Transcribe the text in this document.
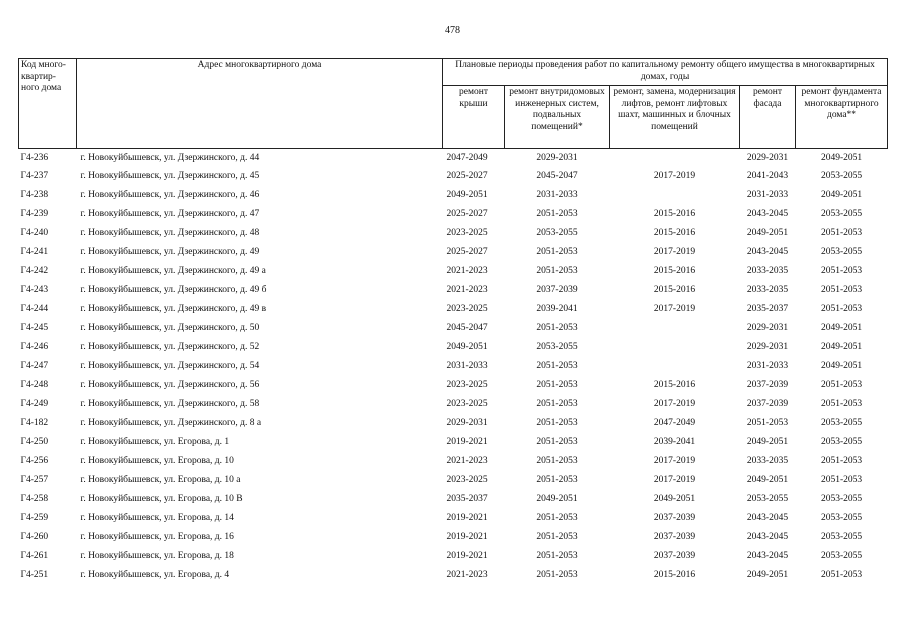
478
Код много-квартир-ного дома	Адрес многоквартирного дома	Плановые периоды проведения работ по капитальному ремонту общего имущества в многоквартирных домах, годы				
		ремонт крыши	ремонт внутридомовых инженерных систем, подвальных помещений*	ремонт, замена, модернизация лифтов, ремонт лифтовых шахт, машинных и блочных помещений	ремонт фасада	ремонт фундамента многоквартирного дома**
Г4-236	г. Новокуйбышевск, ул. Дзержинского, д. 44	2047-2049	2029-2031		2029-2031	2049-2051
Г4-237	г. Новокуйбышевск, ул. Дзержинского, д. 45	2025-2027	2045-2047	2017-2019	2041-2043	2053-2055
Г4-238	г. Новокуйбышевск, ул. Дзержинского, д. 46	2049-2051	2031-2033		2031-2033	2049-2051
Г4-239	г. Новокуйбышевск, ул. Дзержинского, д. 47	2025-2027	2051-2053	2015-2016	2043-2045	2053-2055
Г4-240	г. Новокуйбышевск, ул. Дзержинского, д. 48	2023-2025	2053-2055	2015-2016	2049-2051	2051-2053
Г4-241	г. Новокуйбышевск, ул. Дзержинского, д. 49	2025-2027	2051-2053	2017-2019	2043-2045	2053-2055
Г4-242	г. Новокуйбышевск, ул. Дзержинского, д. 49 а	2021-2023	2051-2053	2015-2016	2033-2035	2051-2053
Г4-243	г. Новокуйбышевск, ул. Дзержинского, д. 49 б	2021-2023	2037-2039	2015-2016	2033-2035	2051-2053
Г4-244	г. Новокуйбышевск, ул. Дзержинского, д. 49 в	2023-2025	2039-2041	2017-2019	2035-2037	2051-2053
Г4-245	г. Новокуйбышевск, ул. Дзержинского, д. 50	2045-2047	2051-2053		2029-2031	2049-2051
Г4-246	г. Новокуйбышевск, ул. Дзержинского, д. 52	2049-2051	2053-2055		2029-2031	2049-2051
Г4-247	г. Новокуйбышевск, ул. Дзержинского, д. 54	2031-2033	2051-2053		2031-2033	2049-2051
Г4-248	г. Новокуйбышевск, ул. Дзержинского, д. 56	2023-2025	2051-2053	2015-2016	2037-2039	2051-2053
Г4-249	г. Новокуйбышевск, ул. Дзержинского, д. 58	2023-2025	2051-2053	2017-2019	2037-2039	2051-2053
Г4-182	г. Новокуйбышевск, ул. Дзержинского, д. 8 а	2029-2031	2051-2053	2047-2049	2051-2053	2053-2055
Г4-250	г. Новокуйбышевск, ул. Егорова, д. 1	2019-2021	2051-2053	2039-2041	2049-2051	2053-2055
Г4-256	г. Новокуйбышевск, ул. Егорова, д. 10	2021-2023	2051-2053	2017-2019	2033-2035	2051-2053
Г4-257	г. Новокуйбышевск, ул. Егорова, д. 10 а	2023-2025	2051-2053	2017-2019	2049-2051	2051-2053
Г4-258	г. Новокуйбышевск, ул. Егорова, д. 10 В	2035-2037	2049-2051	2049-2051	2053-2055	2053-2055
Г4-259	г. Новокуйбышевск, ул. Егорова, д. 14	2019-2021	2051-2053	2037-2039	2043-2045	2053-2055
Г4-260	г. Новокуйбышевск, ул. Егорова, д. 16	2019-2021	2051-2053	2037-2039	2043-2045	2053-2055
Г4-261	г. Новокуйбышевск, ул. Егорова, д. 18	2019-2021	2051-2053	2037-2039	2043-2045	2053-2055
Г4-251	г. Новокуйбышевск, ул. Егорова, д. 4	2021-2023	2051-2053	2015-2016	2049-2051	2051-2053
